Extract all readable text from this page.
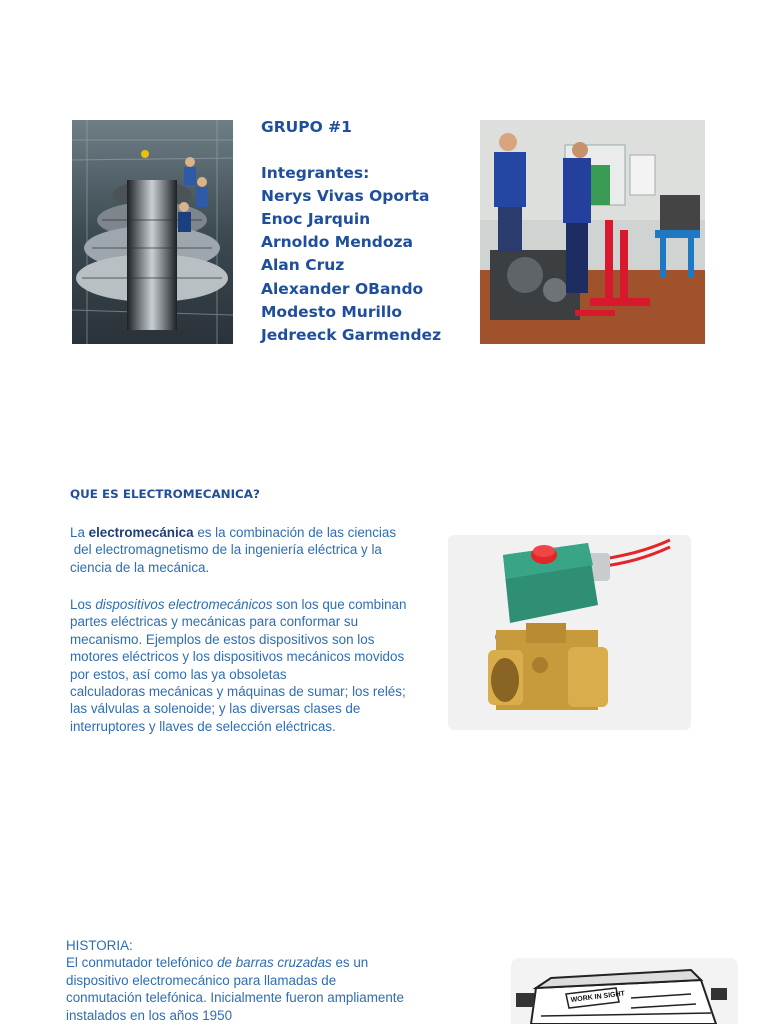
GRUPO #1
Integrantes:
Nerys Vivas Oporta
Enoc Jarquin
Arnoldo Mendoza
Alan Cruz
Alexander OBando
Modesto Murillo
Jedreeck Garmendez
QUE ES ELECTROMECANICA?
La electromecánica es la combinación de las ciencias
del electromagnetismo de la ingeniería eléctrica y la
ciencia de la mecánica.
Los dispositivos electromecánicos son los que combinan
partes eléctricas y mecánicas para conformar su
mecanismo. Ejemplos de estos dispositivos son los
motores eléctricos y los dispositivos mecánicos movidos
por estos, así como las ya obsoletas
calculadoras mecánicas y máquinas de sumar; los relés;
las válvulas a solenoide; y las diversas clases de
interruptores y llaves de selección eléctricas.
HISTORIA:
El conmutador telefónico de barras cruzadas es un
dispositivo electromecánico para llamadas de
conmutación telefónica. Inicialmente fueron ampliamente
instalados en los años 1950
WORK IN SIGHT
